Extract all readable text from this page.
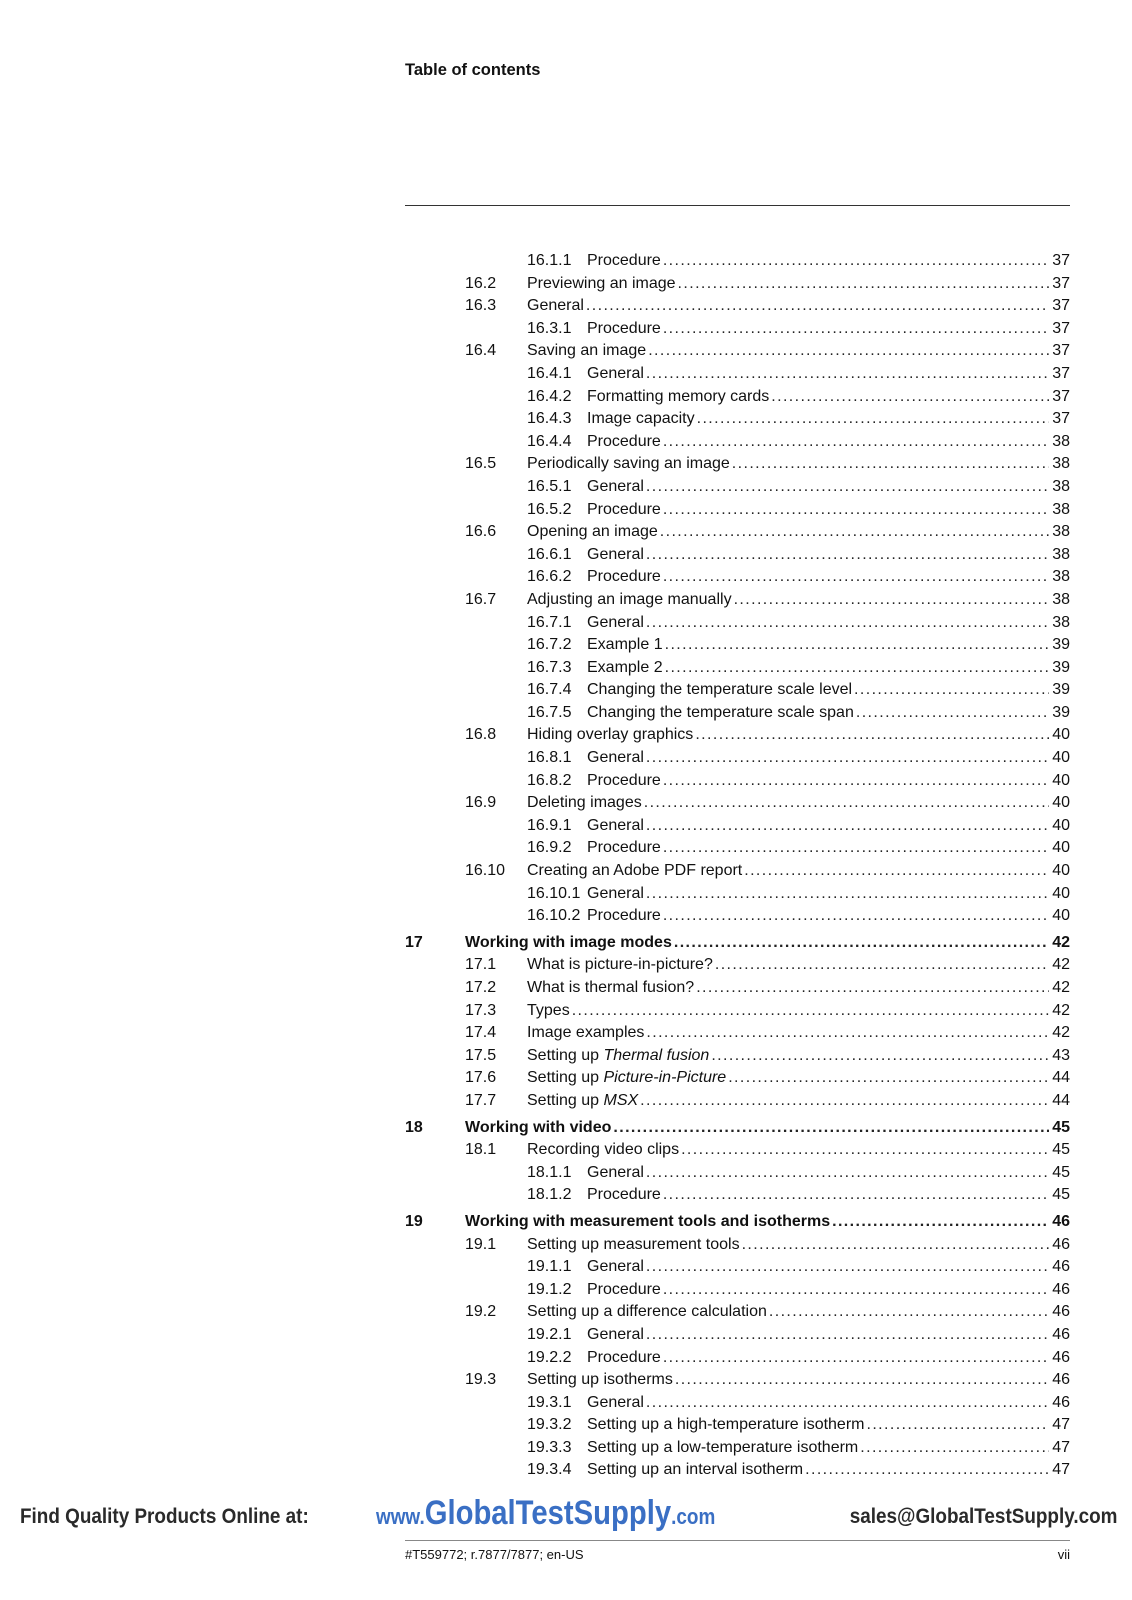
Table of contents
16.1.1 Procedure .....	37
16.2 Previewing an image .....	37
16.3 General .....	37
16.3.1 Procedure .....	37
16.4 Saving an image .....	37
16.4.1 General .....	37
16.4.2 Formatting memory cards .....	37
16.4.3 Image capacity .....	37
16.4.4 Procedure .....	38
16.5 Periodically saving an image .....	38
16.5.1 General .....	38
16.5.2 Procedure .....	38
16.6 Opening an image .....	38
16.6.1 General .....	38
16.6.2 Procedure .....	38
16.7 Adjusting an image manually .....	38
16.7.1 General .....	38
16.7.2 Example 1 .....	39
16.7.3 Example 2 .....	39
16.7.4 Changing the temperature scale level .....	39
16.7.5 Changing the temperature scale span .....	39
16.8 Hiding overlay graphics .....	40
16.8.1 General .....	40
16.8.2 Procedure .....	40
16.9 Deleting images .....	40
16.9.1 General .....	40
16.9.2 Procedure .....	40
16.10 Creating an Adobe PDF report .....	40
16.10.1 General .....	40
16.10.2 Procedure .....	40
17	Working with image modes .....	42
17.1 What is picture-in-picture? .....	42
17.2 What is thermal fusion? .....	42
17.3 Types .....	42
17.4 Image examples .....	42
17.5 Setting up Thermal fusion .....	43
17.6 Setting up Picture-in-Picture .....	44
17.7 Setting up MSX .....	44
18	Working with video .....	45
18.1 Recording video clips .....	45
18.1.1 General .....	45
18.1.2 Procedure .....	45
19	Working with measurement tools and isotherms .....	46
19.1 Setting up measurement tools .....	46
19.1.1 General .....	46
19.1.2 Procedure .....	46
19.2 Setting up a difference calculation .....	46
19.2.1 General .....	46
19.2.2 Procedure .....	46
19.3 Setting up isotherms .....	46
19.3.1 General .....	46
19.3.2 Setting up a high-temperature isotherm .....	47
19.3.3 Setting up a low-temperature isotherm .....	47
19.3.4 Setting up an interval isotherm .....	47
Find Quality Products Online at:	www.GlobalTestSupply.com	sales@GlobalTestSupply.com
#T559772; r.7877/7877; en-US	vii
